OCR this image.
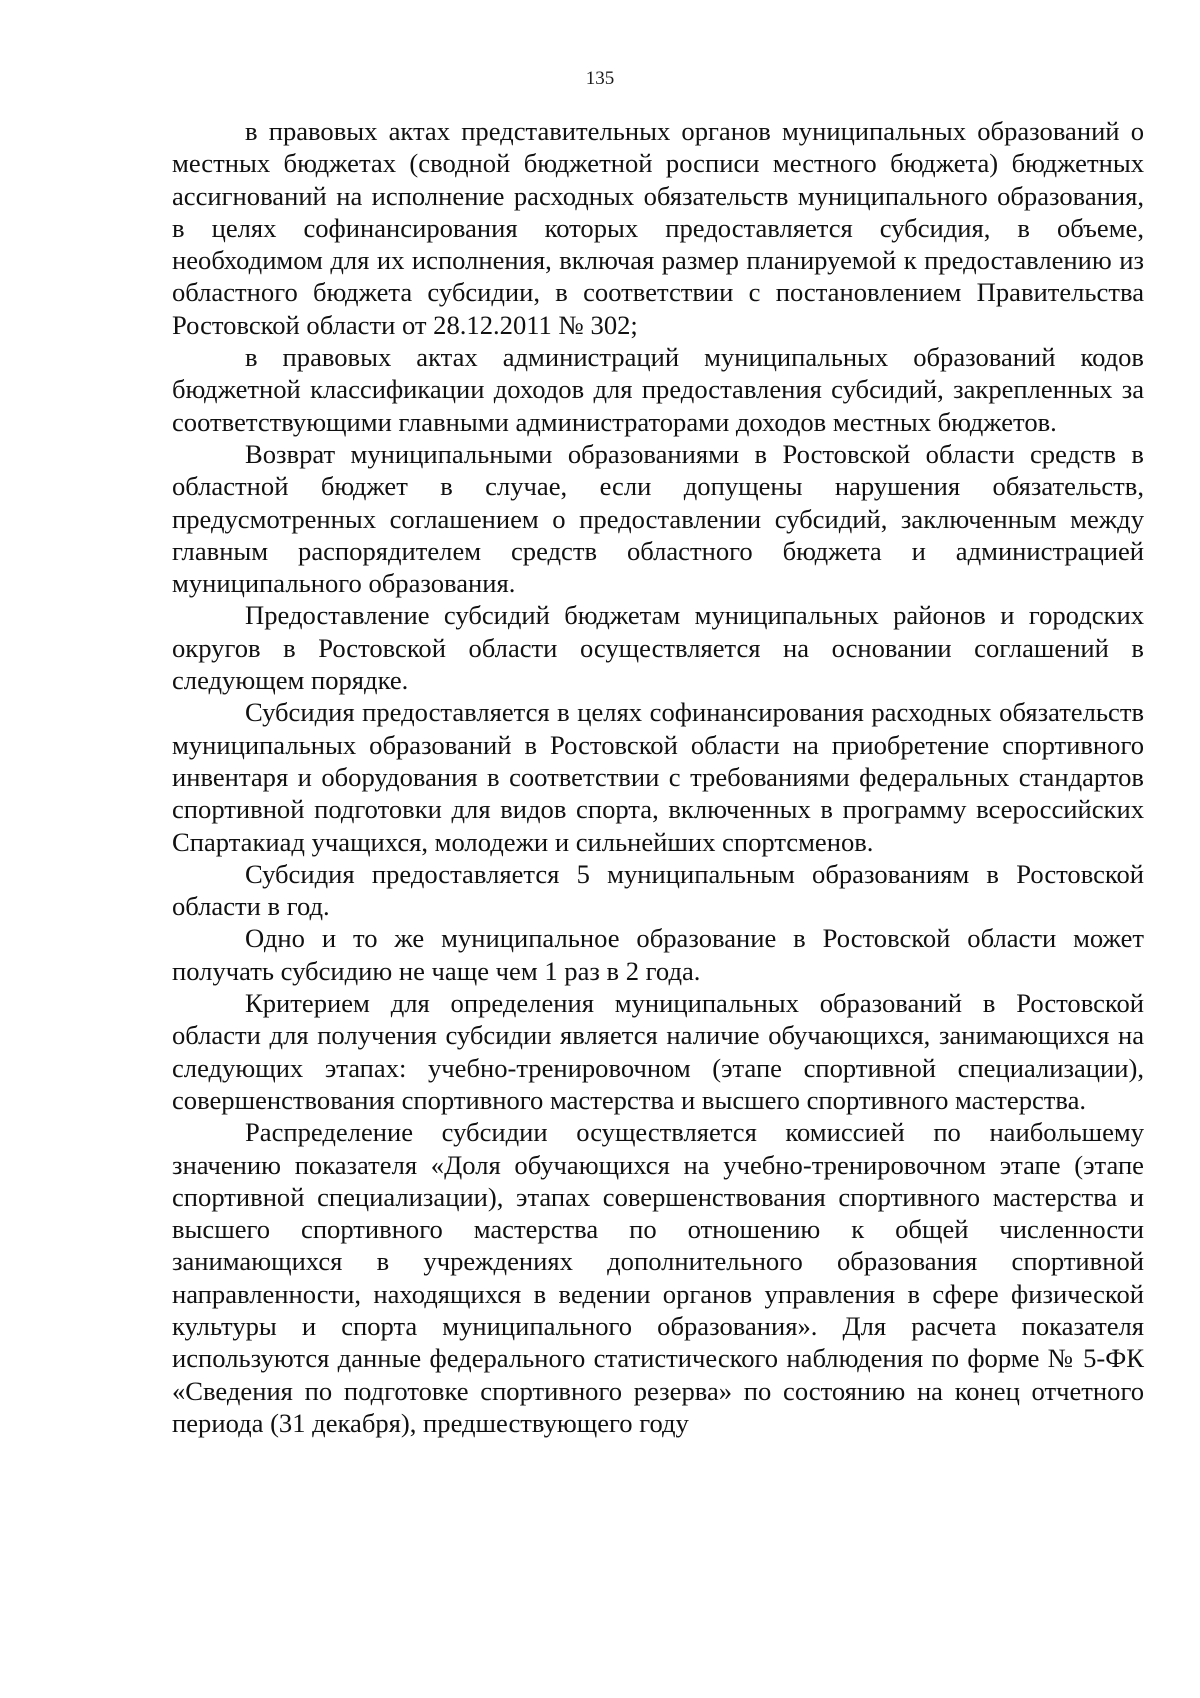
135

в правовых актах представительных органов муниципальных образований о местных бюджетах (сводной бюджетной росписи местного бюджета) бюджетных ассигнований на исполнение расходных обязательств муниципального образования, в целях софинансирования которых предоставляется субсидия, в объеме, необходимом для их исполнения, включая размер планируемой к предоставлению из областного бюджета субсидии, в соответствии с постановлением Правительства Ростовской области от 28.12.2011 № 302;

в правовых актах администраций муниципальных образований кодов бюджетной классификации доходов для предоставления субсидий, закрепленных за соответствующими главными администраторами доходов местных бюджетов.

Возврат муниципальными образованиями в Ростовской области средств в областной бюджет в случае, если допущены нарушения обязательств, предусмотренных соглашением о предоставлении субсидий, заключенным между главным распорядителем средств областного бюджета и администрацией муниципального образования.

Предоставление субсидий бюджетам муниципальных районов и городских округов в Ростовской области осуществляется на основании соглашений в следующем порядке.

Субсидия предоставляется в целях софинансирования расходных обязательств муниципальных образований в Ростовской области на приобретение спортивного инвентаря и оборудования в соответствии с требованиями федеральных стандартов спортивной подготовки для видов спорта, включенных в программу всероссийских Спартакиад учащихся, молодежи и сильнейших спортсменов.

Субсидия предоставляется 5 муниципальным образованиям в Ростовской области в год.

Одно и то же муниципальное образование в Ростовской области может получать субсидию не чаще чем 1 раз в 2 года.

Критерием для определения муниципальных образований в Ростовской области для получения субсидии является наличие обучающихся, занимающихся на следующих этапах: учебно-тренировочном (этапе спортивной специализации), совершенствования спортивного мастерства и высшего спортивного мастерства.

Распределение субсидии осуществляется комиссией по наибольшему значению показателя «Доля обучающихся на учебно-тренировочном этапе (этапе спортивной специализации), этапах совершенствования спортивного мастерства и высшего спортивного мастерства по отношению к общей численности занимающихся в учреждениях дополнительного образования спортивной направленности, находящихся в ведении органов управления в сфере физической культуры и спорта муниципального образования». Для расчета показателя используются данные федерального статистического наблюдения по форме № 5-ФК «Сведения по подготовке спортивного резерва» по состоянию на конец отчетного периода (31 декабря), предшествующего году
